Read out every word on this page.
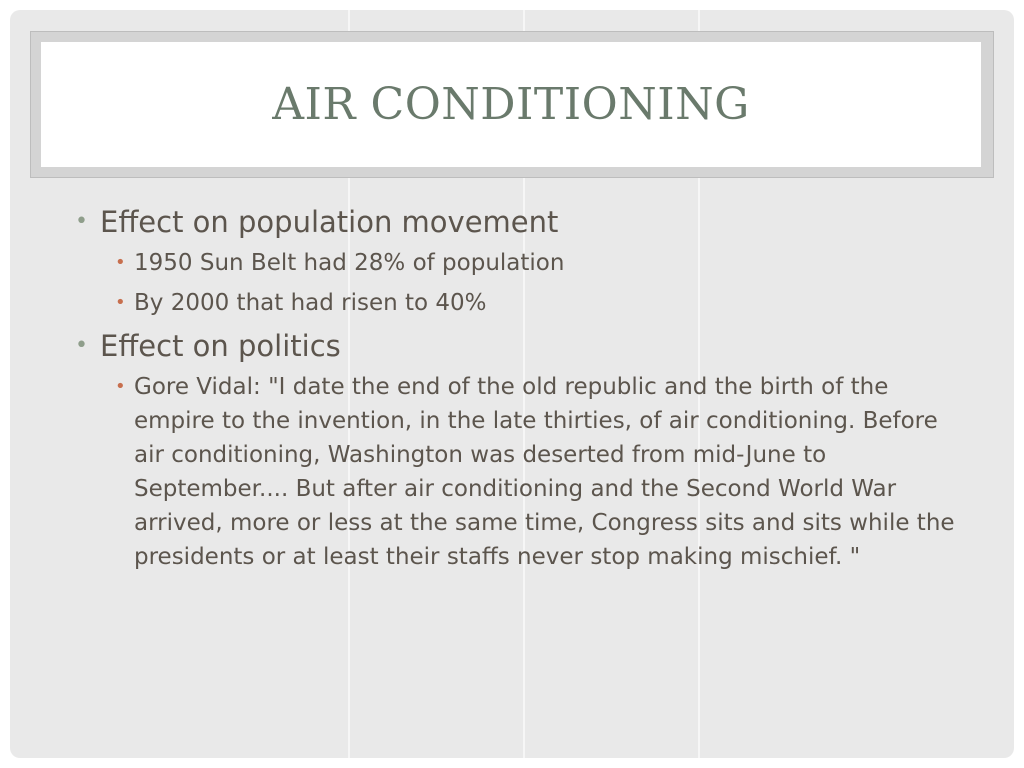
AIR CONDITIONING
• Effect on population movement
• 1950 Sun Belt had 28% of population
• By 2000 that had risen to 40%
• Effect on politics
• Gore Vidal: "I date the end of the old republic and the birth of the empire to the invention, in the late thirties, of air conditioning. Before air conditioning, Washington was deserted from mid-June to September.... But after air conditioning and the Second World War arrived, more or less at the same time, Congress sits and sits while the presidents or at least their staffs never stop making mischief. "
